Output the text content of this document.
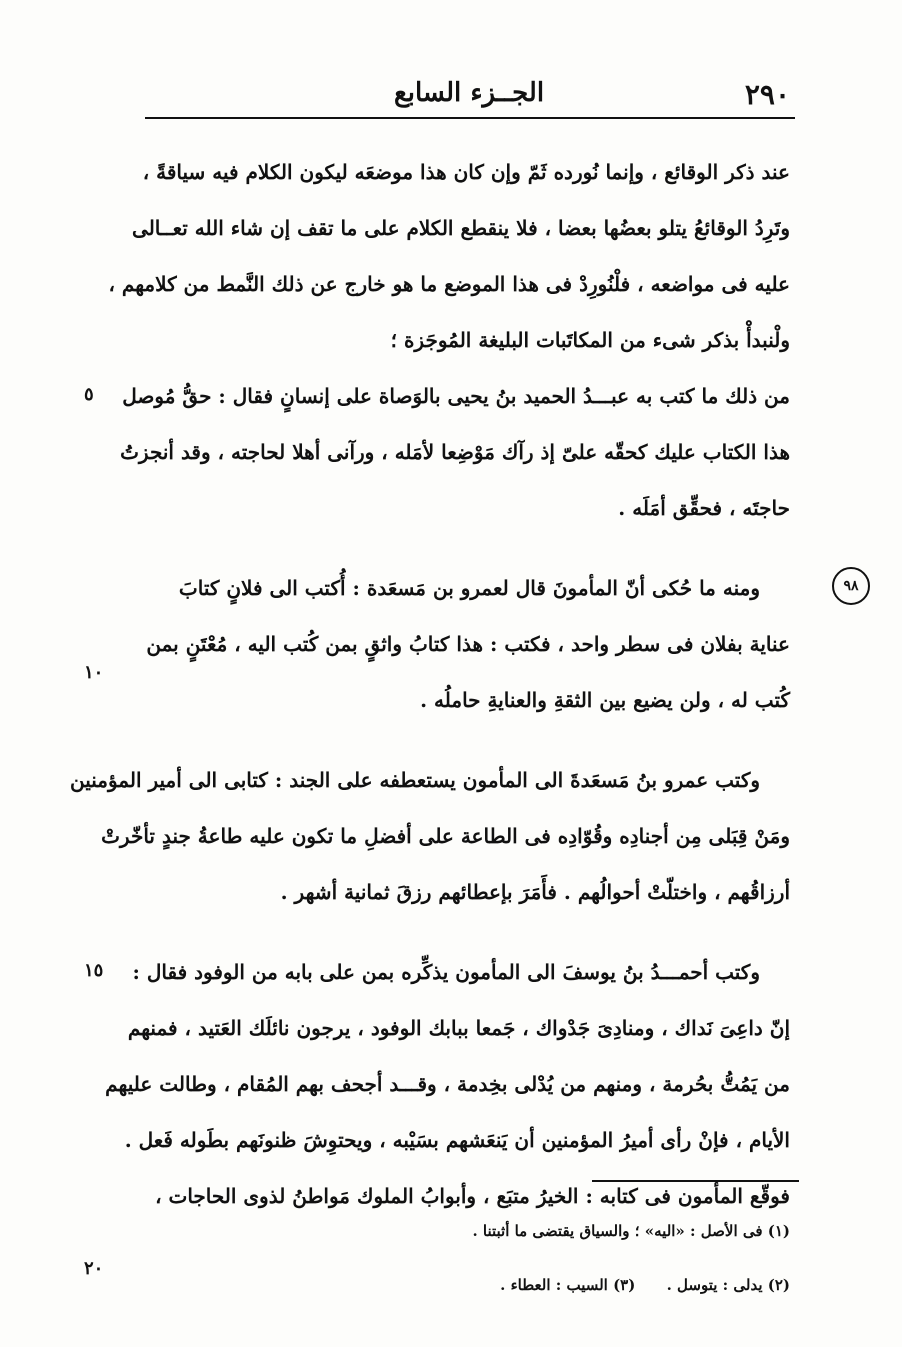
٢٩٠
الجــزء السابع
عند ذكر الوقائع ، وإنما نُورده ثَمّ وإن كان هذا موضعَه ليكون الكلام فيه سياقةً ،
وتَرِدُ الوقائعُ يتلو بعضُها بعضا ، فلا ينقطع الكلام على ما تقف إن شاء الله تعــالى
عليه فى مواضعه ، فلْنُورِدْ فى هذا الموضع ما هو خارج عن ذلك النَّمط من كلامهم ،
ولْنبدأْ بذكر شىء من المكاتَبات البليغة المُوجَزة ؛
من ذلك ما كتب به عبـــدُ الحميد بنُ يحيى بالوَصاة على إنسانٍ فقال : حقُّ مُوصل
هذا الكتاب عليك كحقّه علىّ إذ رآك مَوْضِعا لأمَله ، ورآنى أهلا لحاجته ، وقد أنجزتُ
حاجتَه ، فحقِّق أمَلَه .
ومنه ما حُكى أنّ المأمونَ قال لعمرو بن مَسعَدة : أُكتب الى فلانٍ كتابَ
عناية بفلان فى سطر واحد ، فكتب : هذا كتابُ واثقٍ بمن كُتب اليه ، مُعْتَنٍ بمن
كُتب له ، ولن يضيع بين الثقةِ والعنايةِ حاملُه .
وكتب عمرو بنُ مَسعَدةَ الى المأمون يستعطفه على الجند : كتابى الى أمير المؤمنين
ومَنْ قِبَلى مِن أجنادِه وقُوّادِه فى الطاعة على أفضلِ ما تكون عليه طاعةُ جندٍ تأخّرتْ
أرزاقُهم ، واختلّتْ أحوالُهم . فأَمَرَ بإعطائهم رزقَ ثمانية أشهر .
وكتب أحمـــدُ بنُ يوسفَ الى المأمون يذكِّره بمن على بابه من الوفود فقال :
إنّ داعِىَ نَداك ، ومنادِىَ جَدْواك ، جَمعا ببابك الوفود ، يرجون نائلَك العَتيد ، فمنهم
من يَمُتُّ بحُرمة ، ومنهم من يُدْلى بخِدمة ، وقـــد أجحف بهم المُقام ، وطالت عليهم
الأيام ، فإنْ رأى أميرُ المؤمنين أن يَنعَشهم بسَيْبه ، ويحتوِشَ ظنونَهم بطَوله فَعل .
فوقّع المأمون فى كتابه : الخيرُ متبَع ، وأبوابُ الملوك مَواطنُ لذوى الحاجات ،
٥
١٠
١٥
٢٠
٩٨
(١) فى الأصل : «اليه» ؛ والسياق يقتضى ما أثبتنا .
(٢) يدلى : يتوسل . (٣) السيب : العطاء .
